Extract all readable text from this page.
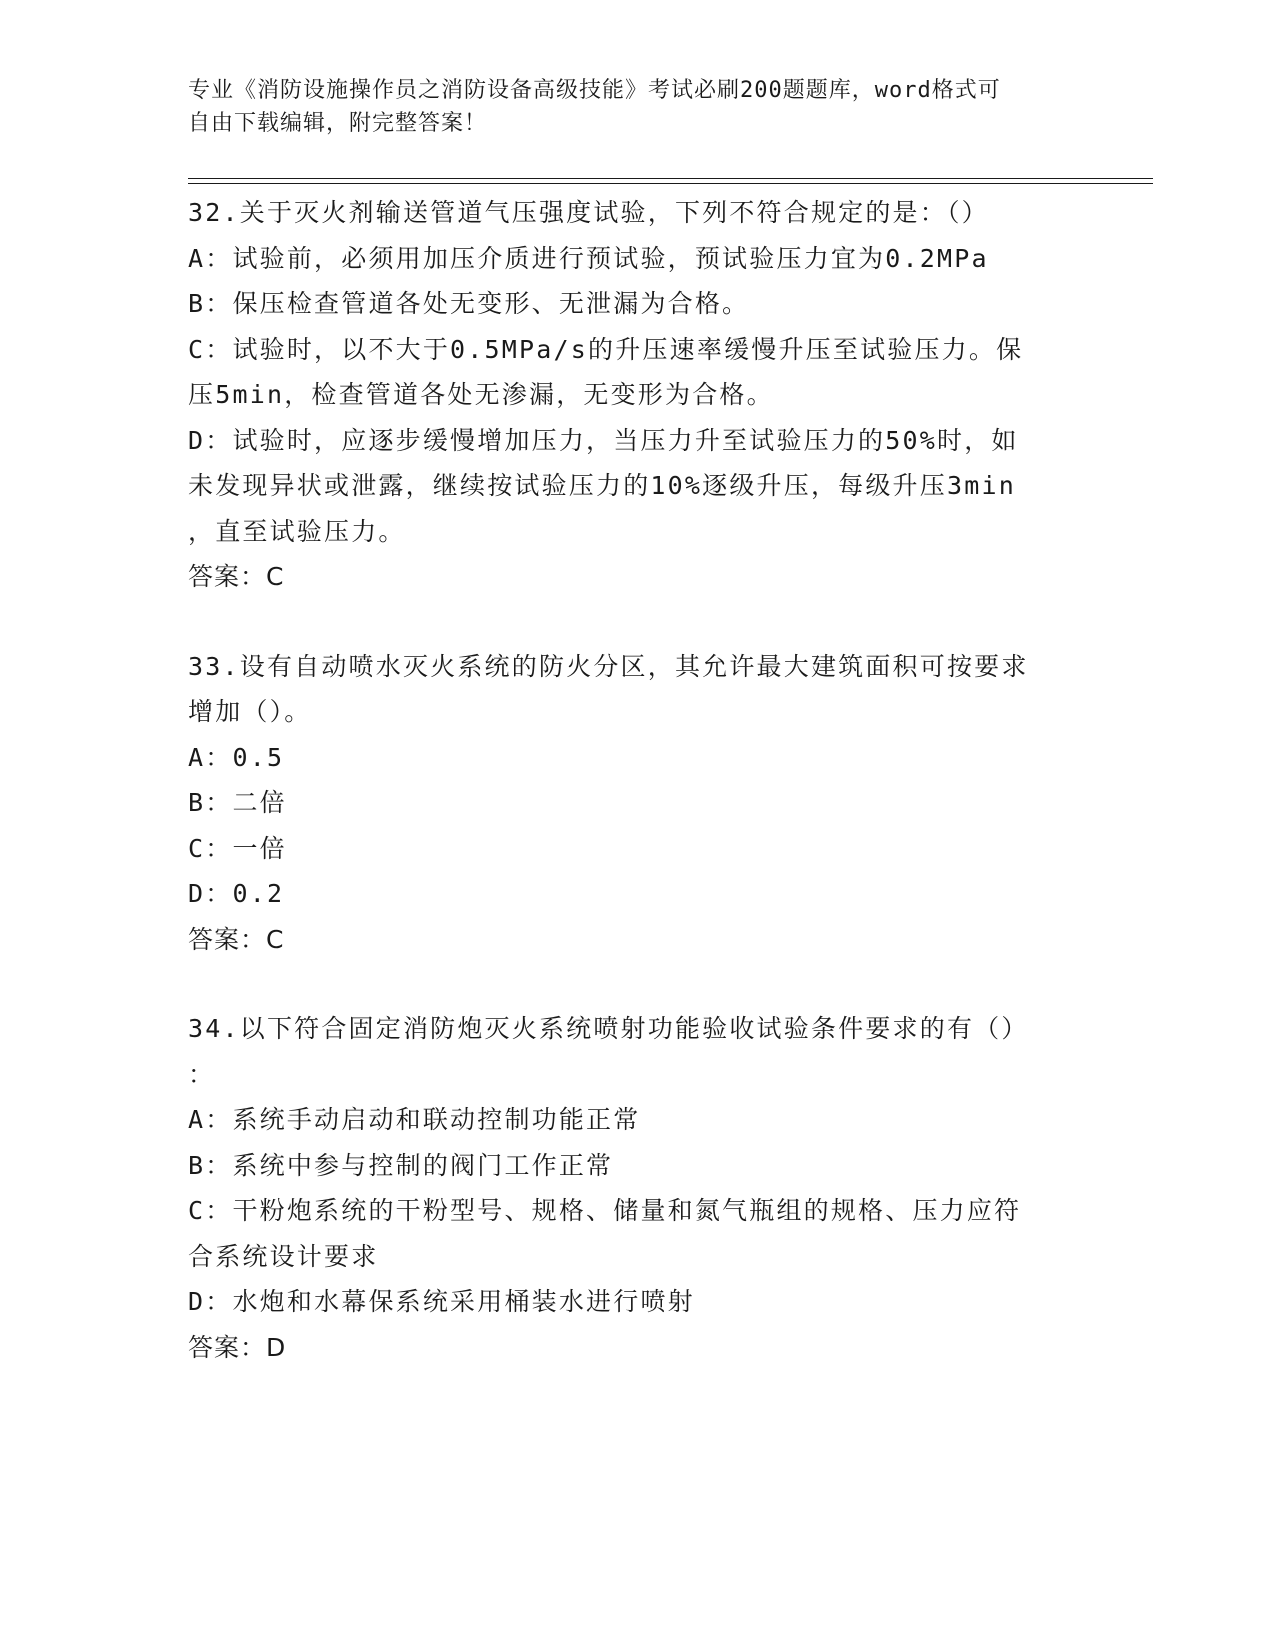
专业《消防设施操作员之消防设备高级技能》考试必刷200题题库，word格式可
自由下载编辑，附完整答案！
32.关于灭火剂输送管道气压强度试验，下列不符合规定的是：（）
A：试验前，必须用加压介质进行预试验，预试验压力宜为0.2MPa
B：保压检查管道各处无变形、无泄漏为合格。
C：试验时，以不大于0.5MPa/s的升压速率缓慢升压至试验压力。保
压5min，检查管道各处无渗漏，无变形为合格。
D：试验时，应逐步缓慢增加压力，当压力升至试验压力的50%时，如
未发现异状或泄露，继续按试验压力的10%逐级升压，每级升压3min
，直至试验压力。
答案：C
33.设有自动喷水灭火系统的防火分区，其允许最大建筑面积可按要求
增加（）。
A：0.5
B：二倍
C：一倍
D：0.2
答案：C
34.以下符合固定消防炮灭火系统喷射功能验收试验条件要求的有（）
：
A：系统手动启动和联动控制功能正常
B：系统中参与控制的阀门工作正常
C：干粉炮系统的干粉型号、规格、储量和氮气瓶组的规格、压力应符
合系统设计要求
D：水炮和水幕保系统采用桶装水进行喷射
答案：D
